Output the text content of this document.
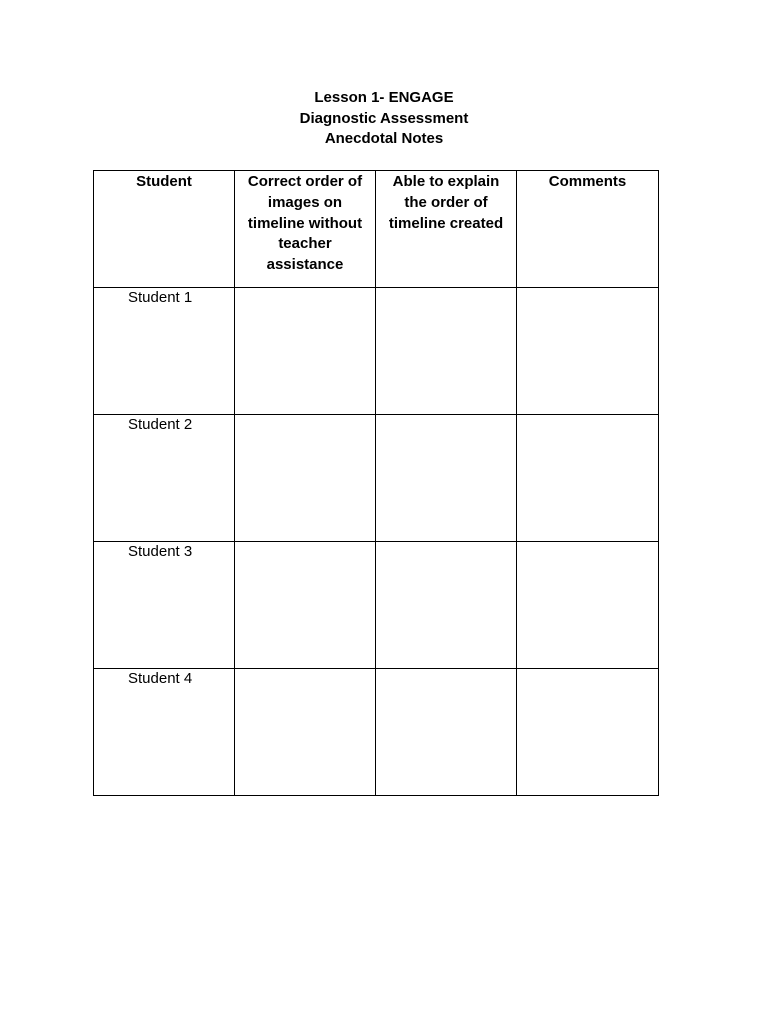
Lesson 1- ENGAGE
Diagnostic Assessment
Anecdotal Notes
Student	Correct order of images on timeline without teacher assistance	Able to explain the order of timeline created	Comments

Student 1			

Student 2			

Student 3			

Student 4			
